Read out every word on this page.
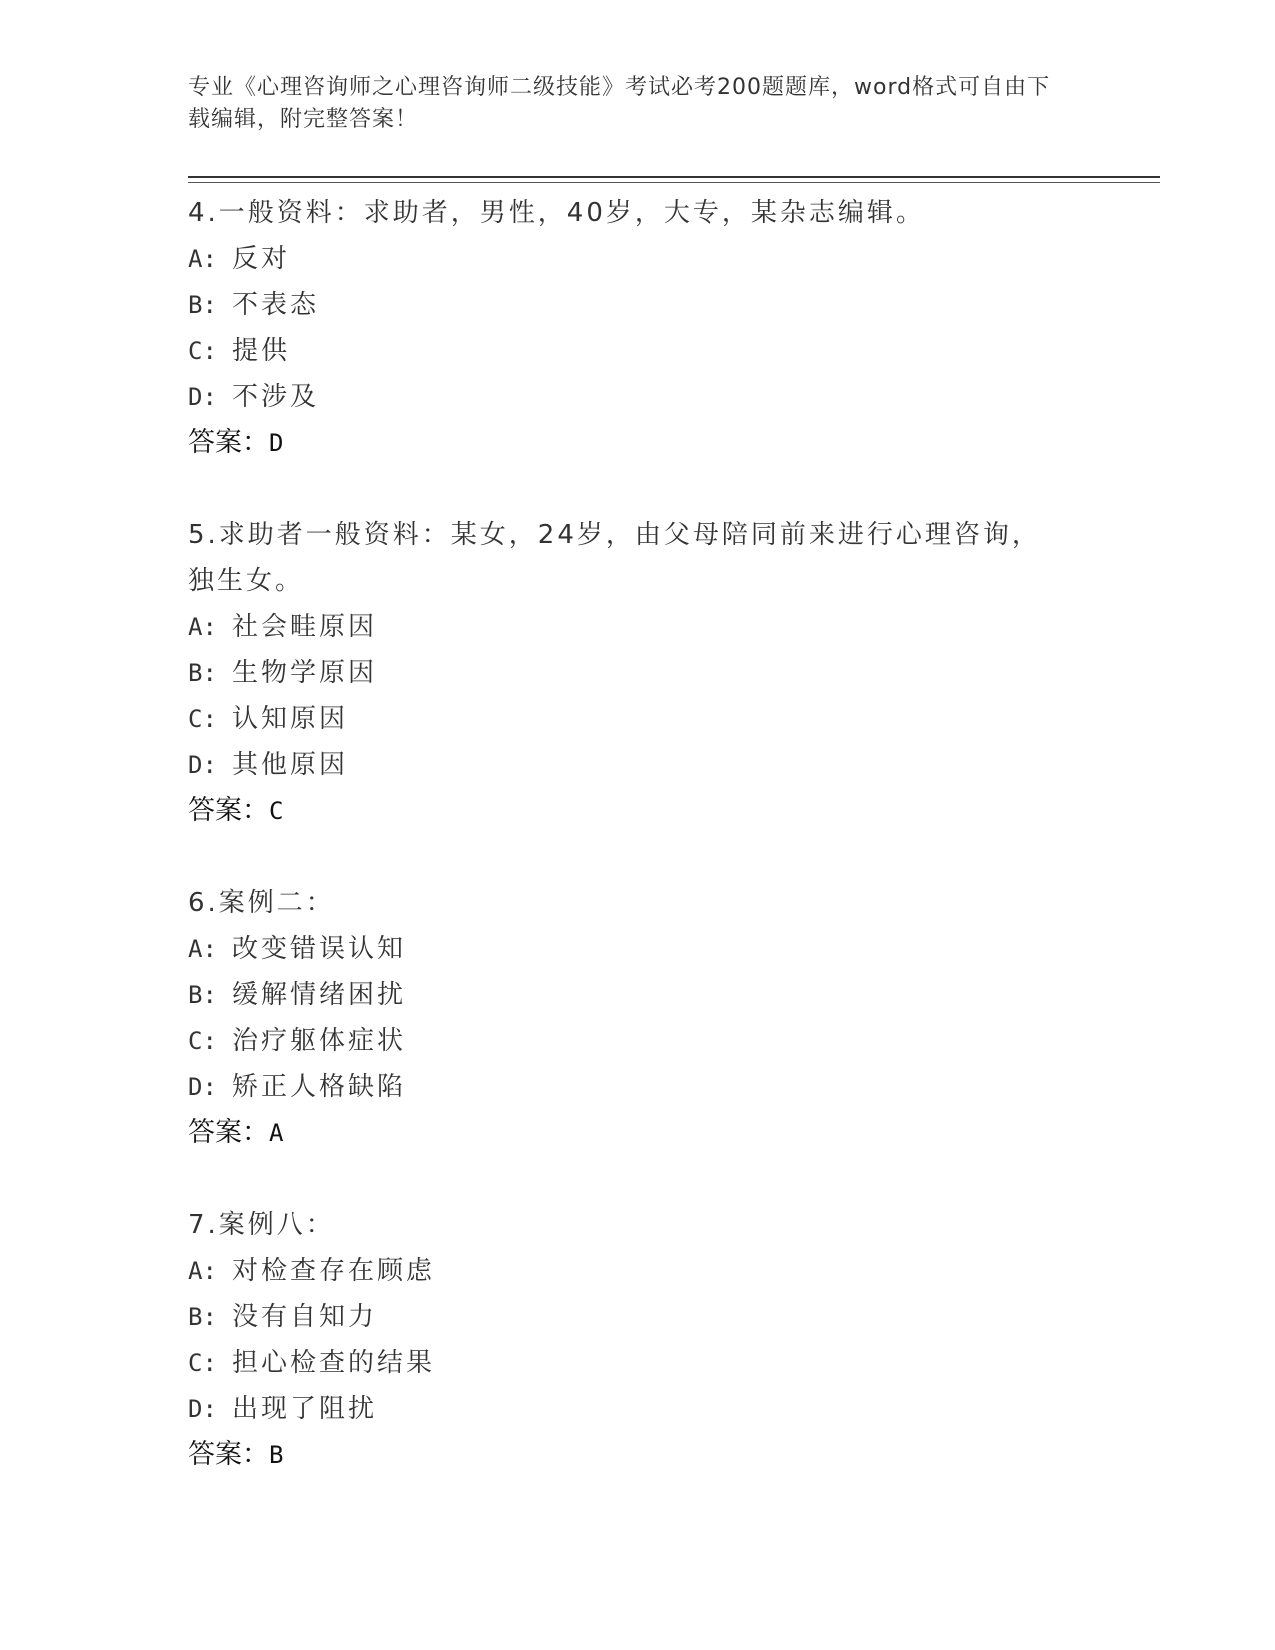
专业《心理咨询师之心理咨询师二级技能》考试必考200题题库，word格式可自由下载编辑，附完整答案！
4.一般资料：求助者，男性，40岁，大专，某杂志编辑。
A: 反对
B: 不表态
C: 提供
D: 不涉及
答案：D
5.求助者一般资料：某女，24岁，由父母陪同前来进行心理咨询，独生女。
A: 社会畦原因
B: 生物学原因
C: 认知原因
D: 其他原因
答案：C
6.案例二：
A: 改变错误认知
B: 缓解情绪困扰
C: 治疗躯体症状
D: 矫正人格缺陷
答案：A
7.案例八：
A: 对检查存在顾虑
B: 没有自知力
C: 担心检查的结果
D: 出现了阻扰
答案：B
